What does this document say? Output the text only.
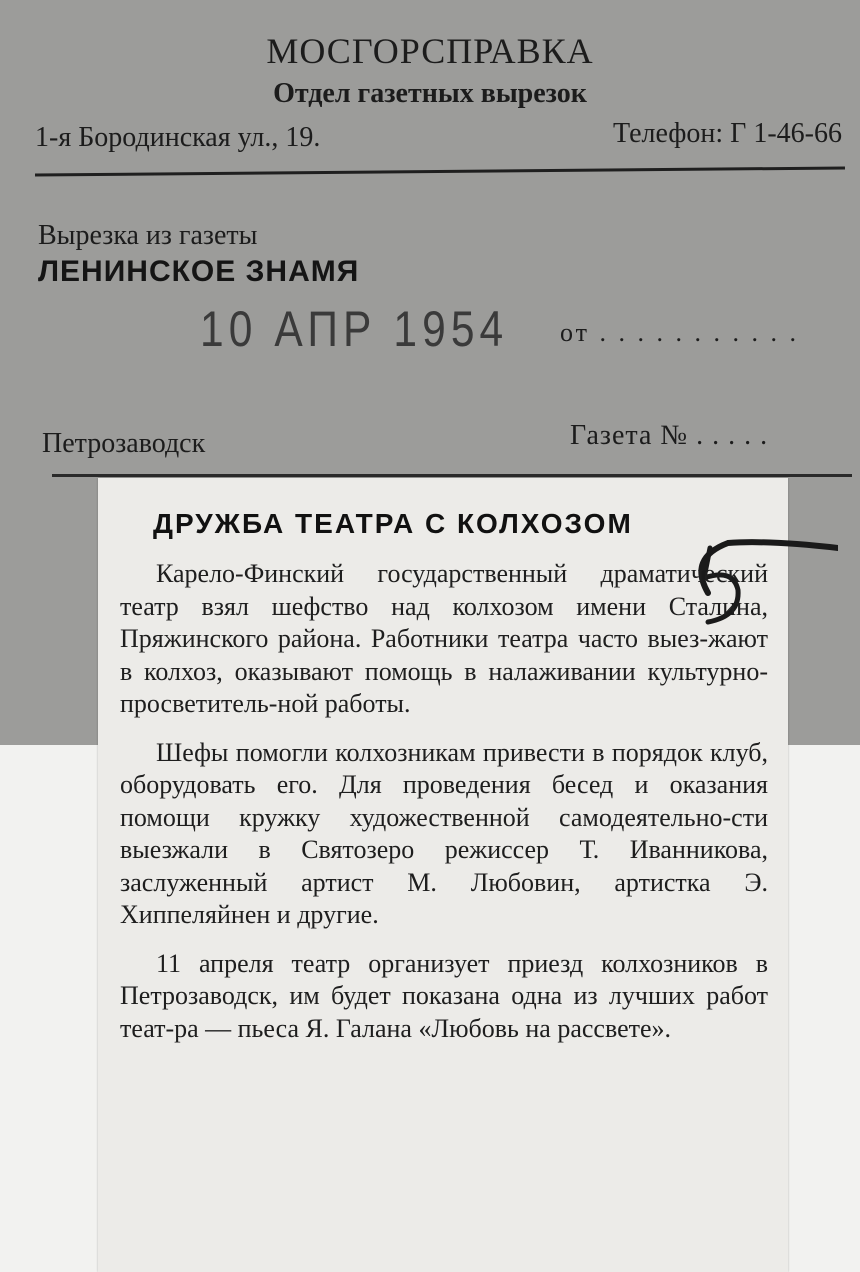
МОСГОРСПРАВКА
Отдел газетных вырезок
1-я Бородинская ул., 19.	Телефон: Г 1-46-66
Вырезка из газеты
ЛЕНИНСКОЕ ЗНАМЯ
10 АПР 1954 от . . . . . . . . . . .
Петрозаводск	Газета № . . . . .
ДРУЖБА ТЕАТРА С КОЛХОЗОМ

Карело-Финский государственный драматический театр взял шефство над колхозом имени Сталина, Пряжинского района. Работники театра часто выез-жают в колхоз, оказывают помощь в налаживании культурно-просветитель-ной работы.

Шефы помогли колхозникам привести в порядок клуб, оборудовать его. Для проведения бесед и оказания помощи кружку художественной самодеятельно-сти выезжали в Святозеро режиссер Т. Иванникова, заслуженный артист М. Любовин, артистка Э. Хиппеляйнен и другие.

11 апреля театр организует приезд колхозников в Петрозаводск, им будет показана одна из лучших работ теат-ра — пьеса Я. Галана «Любовь на рассвете».
